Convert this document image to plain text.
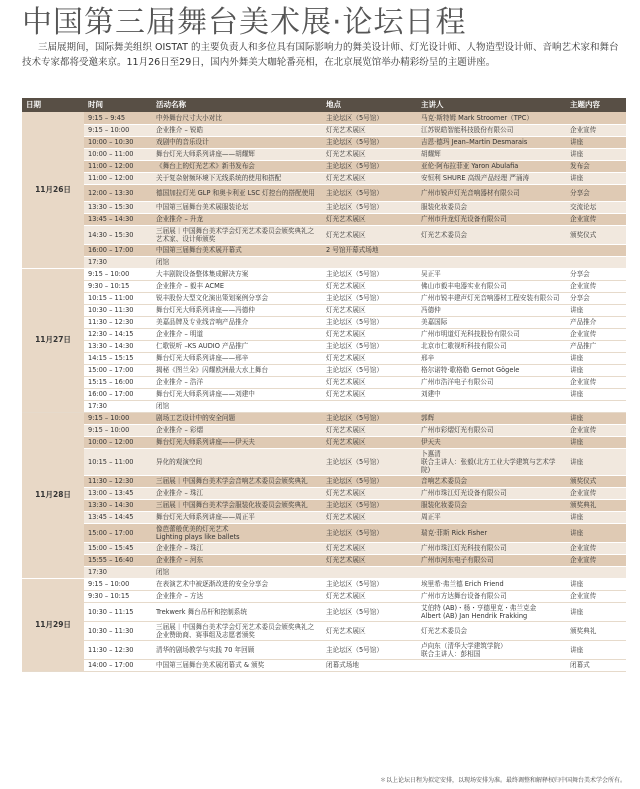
中国第三届舞台美术展·论坛日程
三届展期间，国际舞美组织 OISTAT 的主要负责人和多位具有国际影响力的舞美设计师、灯光设计师、人物造型设计师、音响艺术家和舞台技术专家都将受邀来京。11月26日至29日，国内外舞美大咖轮番亮相，在北京展览馆举办精彩纷呈的主题讲座。
日期	时间	活动名称	地点	主讲人	主题内容
11月26日	9:15 – 9:45	中外舞台尺寸大小对比	主论坛区（5号馆）	马克·斯特姆 Mark Stroomer（TPC）	
	9:15 – 10:00	企业推介 – 锐皓	灯光艺术展区	江苏锐皓智能科技股份有限公司	企业宣传
	10:00 – 10:30	戏剧中的音乐设计	主论坛区（5号馆）	吉恩·德玛 Jean–Martin Desmarais	讲座
	10:00 – 11:00	舞台灯光大师系列讲座——胡耀辉	灯光艺术展区	胡耀辉	讲座
	11:00 – 12:00	《舞台上的灯光艺术》新书发布会	主论坛区（5号馆）	亚伦·阿布拉菲亚 Yaron Abulafia	发布会
	11:00 – 12:00	关于复杂射频环境下无线系统的使用和搭配	灯光艺术展区	安恒利 SHURE 高级产品经理 严涌涛	讲座
	12:00 – 13:30	德国加拉灯光 GLP 和奥卡利亚 LSC 灯控台的搭配使用	主论坛区（5号馆）	广州市锐声灯光音响器材有限公司	分享会
	13:30 – 15:30	中国第三届舞台美术展服装论坛	主论坛区（5号馆）	服装化妆委员会	交流论坛
	13:45 – 14:30	企业推介 – 升龙	灯光艺术展区	广州市升龙灯光设备有限公司	企业宣传
	14:30 – 15:30	三届展｜中国舞台美术学会灯光艺术委员会颁奖典礼之艺术家、设计师颁奖	灯光艺术展区	灯光艺术委员会	颁奖仪式
	16:00 – 17:00	中国第三届舞台美术展开幕式	2 号馆开幕式场地		
	17:30	闭馆			
11月27日	9:15 – 10:00	大丰剧院设备整体集成解决方案	主论坛区（5号馆）	吴正平	分享会
	9:30 – 10:15	企业推介 – 毅丰 ACME	灯光艺术展区	佛山市毅丰电器实业有限公司	企业宣传
	10:15 – 11:00	锐丰股份大型文化演出策划案例分享会	主论坛区（5号馆）	广州市锐丰建声灯光音响器材工程安装有限公司	分享会
	10:30 – 11:30	舞台灯光大师系列讲座——冯德仲	灯光艺术展区	冯德仲	讲座
	11:30 – 12:30	美嘉品牌及专业线音响产品推介	主论坛区（5号馆）	美嘉国际	产品推介
	12:30 – 14:15	企业推介 – 明道	灯光艺术展区	广州市明道灯光科技股份有限公司	企业宣传
	13:30 – 14:30	仁歌锐听 –KS AUDIO 产品推广	主论坛区（5号馆）	北京市仁歌视听科技有限公司	产品推广
	14:15 – 15:15	舞台灯光大师系列讲座——邢辛	灯光艺术展区	邢辛	讲座
	15:00 – 17:00	揭秘《图兰朵》闪耀欧洲最大水上舞台	主论坛区（5号馆）	格尔诺特·歌格勒 Gernot Gögele	讲座
	15:15 – 16:00	企业推介 – 浩洋	灯光艺术展区	广州市浩洋电子有限公司	企业宣传
	16:00 – 17:00	舞台灯光大师系列讲座——刘建中	灯光艺术展区	刘建中	讲座
	17:30	闭馆			
11月28日	9:15 – 10:00	剧场工艺设计中的安全问题	主论坛区（5号馆）	郭辉	讲座
	9:15 – 10:00	企业推介 – 彩熠	灯光艺术展区	广州市彩熠灯光有限公司	企业宣传
	10:00 – 12:00	舞台灯光大师系列讲座——伊天夫	灯光艺术展区	伊天夫	讲座
	10:15 – 11:00	异化的观演空间	主论坛区（5号馆）	卜惠清
联合主讲人：张毅(北方工业大学建筑与艺术学院)	讲座
	11:30 – 12:30	三届展｜中国舞台美术学会音响艺术委员会颁奖典礼	主论坛区（5号馆）	音响艺术委员会	颁奖仪式
	13:00 – 13:45	企业推介 – 珠江	灯光艺术展区	广州市珠江灯光设备有限公司	企业宣传
	13:30 – 14:30	三届展｜中国舞台美术学会服装化妆委员会颁奖典礼	主论坛区（5号馆）	服装化妆委员会	颁奖典礼
	13:45 – 14:45	舞台灯光大师系列讲座——周正平	灯光艺术展区	周正平	讲座
	15:00 – 17:00	像芭蕾般优美的灯光艺术
Lighting plays like ballets	主论坛区（5号馆）	瑞克·菲斯 Rick Fisher	讲座
	15:00 – 15:45	企业推介 – 珠江	灯光艺术展区	广州市珠江灯光科技有限公司	企业宣传
	15:55 – 16:40	企业推介 – 河东	灯光艺术展区	广州市河东电子有限公司	企业宣传
	17:30	闭馆			
11月29日	9:15 – 10:00	在表演艺术中被逐渐改进的安全分享会	主论坛区（5号馆）	埃里希·弗兰德 Erich Friend	讲座
	9:30 – 10:15	企业推介 – 方达	灯光艺术展区	广州市方达舞台设备有限公司	企业宣传
	10:30 – 11:15	Trekwerk 舞台吊杆和控制系统	主论坛区（5号馆）	艾伯特 (AB)・杨・亨德里克・弗兰克金
Albert (AB) Jan Hendrik Frakking	讲座
	10:30 – 11:30	三届展｜中国舞台美术学会灯光艺术委员会颁奖典礼之企业赞助商、赛事组及志愿者颁奖	灯光艺术展区	灯光艺术委员会	颁奖典礼
	11:30 – 12:30	清华的剧场教学与实践 70 年回顾	主论坛区（5号馆）	卢向东（清华大学建筑学院）
联合主讲人：彭相国	讲座
	14:00 – 17:00	中国第三届舞台美术展闭幕式 & 颁奖	闭幕式场地		闭幕式
＊以上论坛日程为拟定安排，以现场安排为准。最终调整和解释权归中国舞台美术学会所有。
